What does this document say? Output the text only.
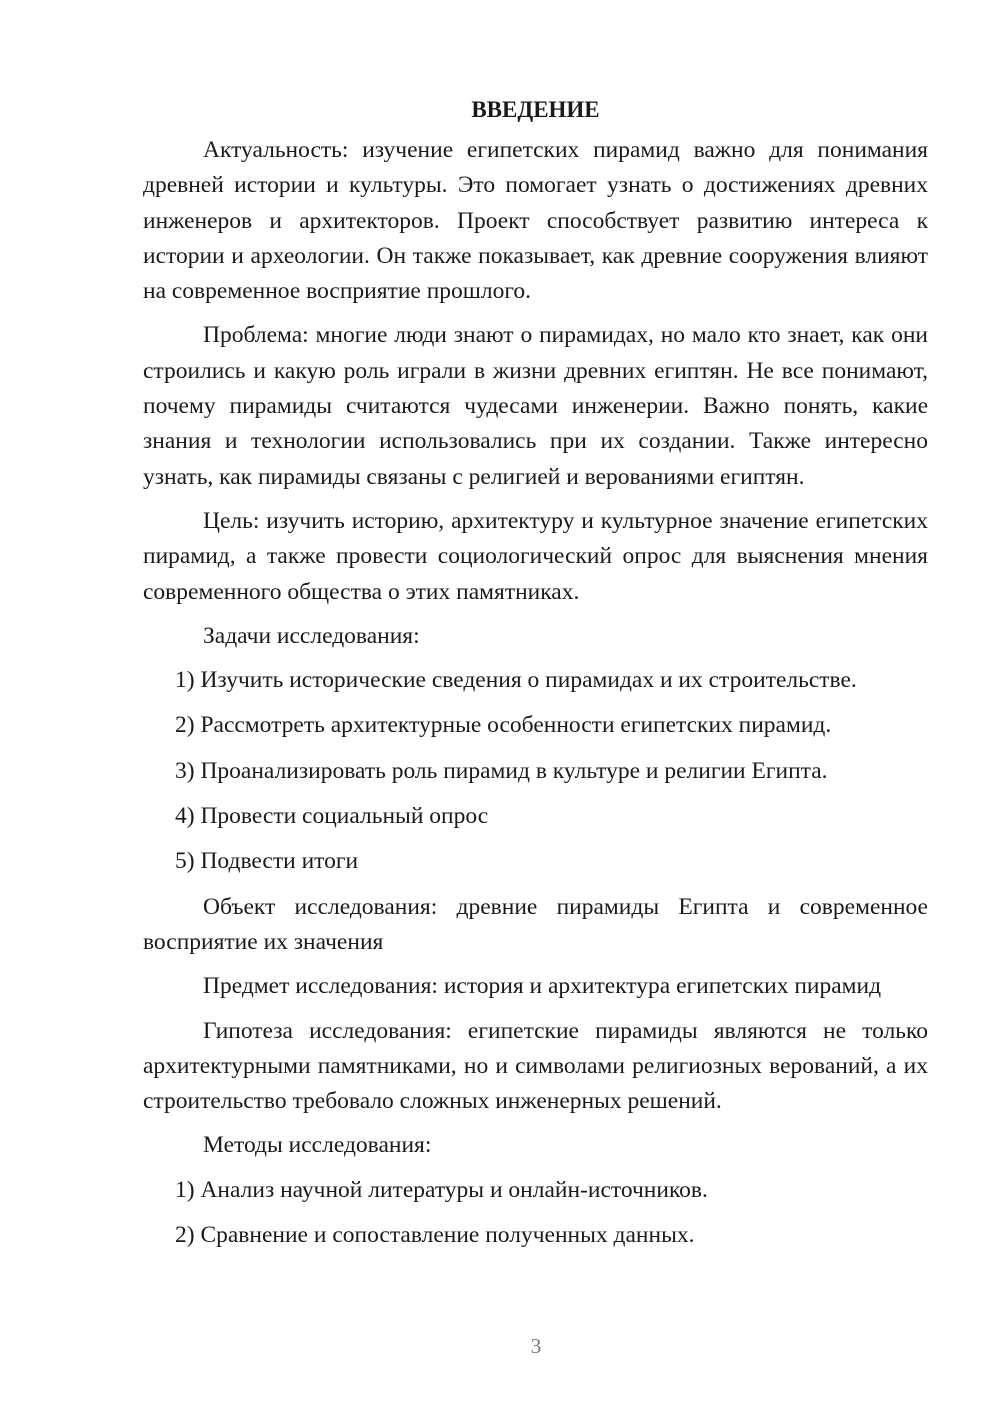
ВВЕДЕНИЕ

Актуальность: изучение египетских пирамид важно для понимания древней истории и культуры. Это помогает узнать о достижениях древних инженеров и архитекторов. Проект способствует развитию интереса к истории и археологии. Он также показывает, как древние сооружения влияют на современное восприятие прошлого.

Проблема: многие люди знают о пирамидах, но мало кто знает, как они строились и какую роль играли в жизни древних египтян. Не все понимают, почему пирамиды считаются чудесами инженерии. Важно понять, какие знания и технологии использовались при их создании. Также интересно узнать, как пирамиды связаны с религией и верованиями египтян.

Цель: изучить историю, архитектуру и культурное значение египетских пирамид, а также провести социологический опрос для выяснения мнения современного общества о этих памятниках.

Задачи исследования:

1) Изучить исторические сведения о пирамидах и их строительстве.
2) Рассмотреть архитектурные особенности египетских пирамид.
3) Проанализировать роль пирамид в культуре и религии Египта.
4) Провести социальный опрос
5) Подвести итоги

Объект исследования: древние пирамиды Египта и современное восприятие их значения

Предмет исследования: история и архитектура египетских пирамид

Гипотеза исследования: египетские пирамиды являются не только архитектурными памятниками, но и символами религиозных верований, а их строительство требовало сложных инженерных решений.

Методы исследования:

1) Анализ научной литературы и онлайн-источников.
2) Сравнение и сопоставление полученных данных.
3
